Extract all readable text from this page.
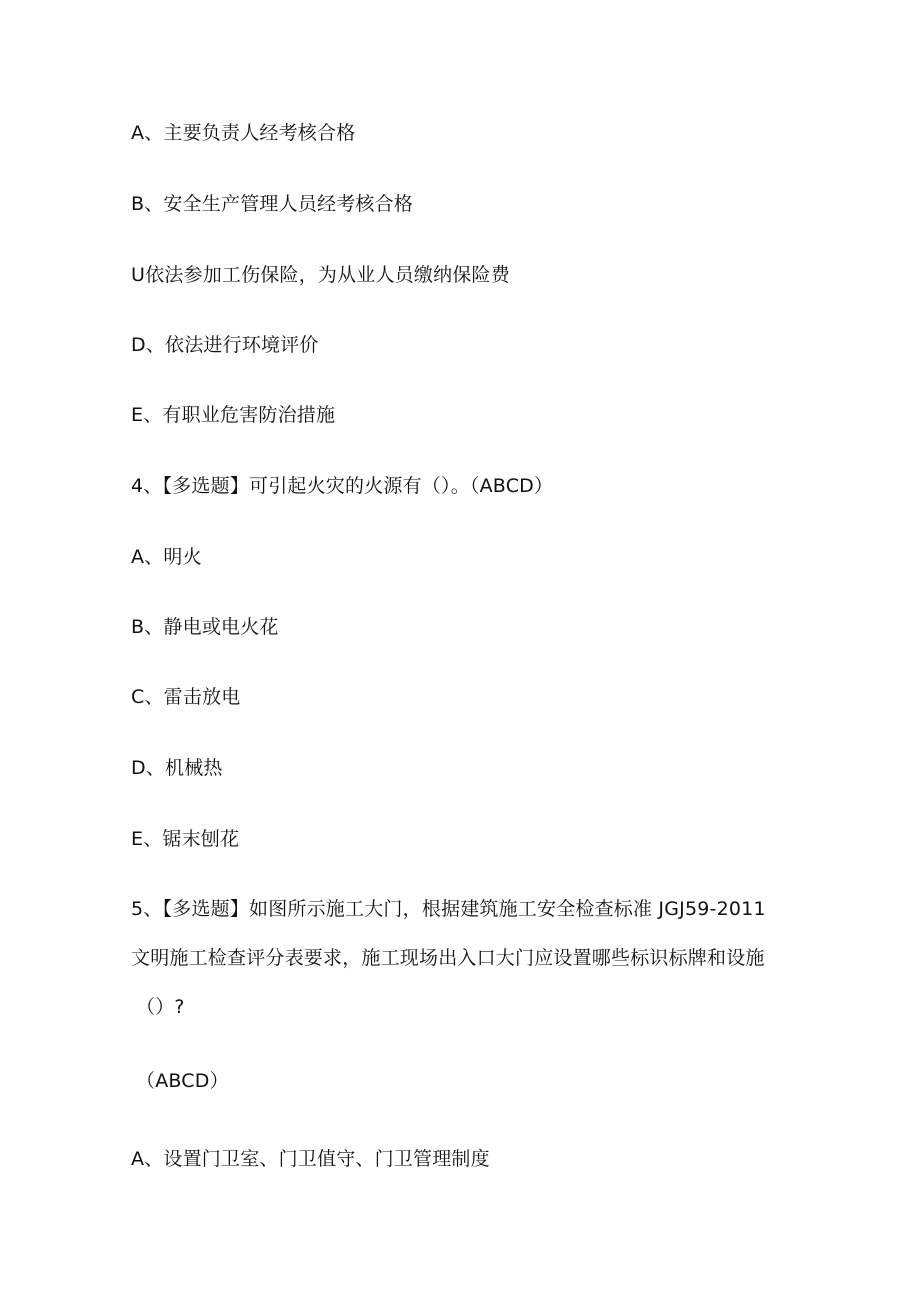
A、主要负责人经考核合格
B、安全生产管理人员经考核合格
U依法参加工伤保险，为从业人员缴纳保险费
D、依法进行环境评价
E、有职业危害防治措施
4、【多选题】可引起火灾的火源有（）。（ABCD）
A、明火
B、静电或电火花
C、雷击放电
D、机械热
E、锯末刨花
5、【多选题】如图所示施工大门，根据建筑施工安全检查标准 JGJ59-2011
文明施工检查评分表要求，施工现场出入口大门应设置哪些标识标牌和设施
（）?
（ABCD）
A、设置门卫室、门卫值守、门卫管理制度
